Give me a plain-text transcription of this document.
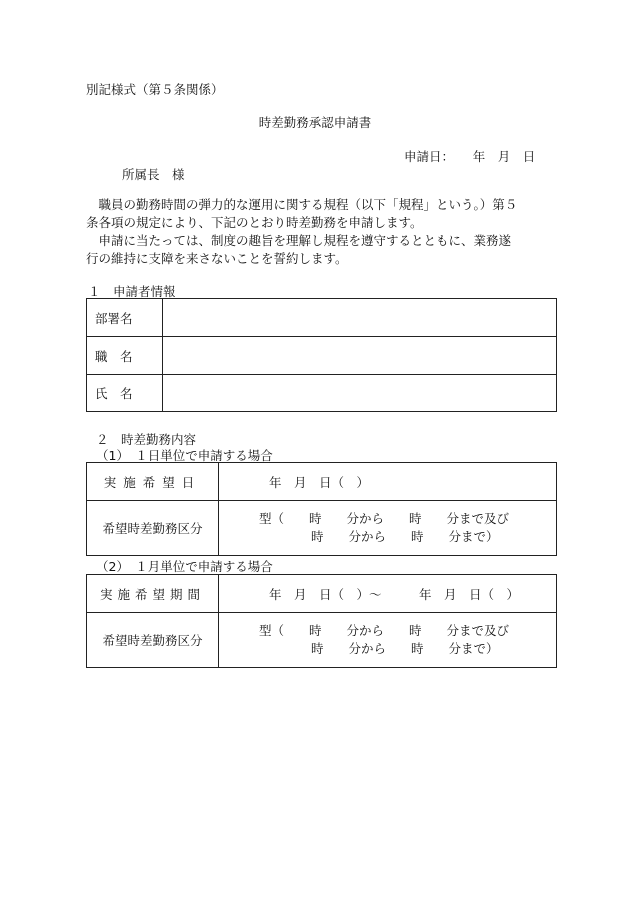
別記様式（第５条関係）
時差勤務承認申請書
申請日：　　年　月　日
所属長　様
　職員の勤務時間の弾力的な運用に関する規程（以下「規程」という。）第５
条各項の規定により、下記のとおり時差勤務を申請します。
　申請に当たっては、制度の趣旨を理解し規程を遵守するとともに、業務遂
行の維持に支障を来さないことを誓約します。
１　申請者情報
部署名	
職　名	
氏　名	
２　時差勤務内容
（1）　１日単位で申請する場合
実施希望日	年　月　日（　）
希望時差勤務区分	型（　　時　　分から　　時　　分まで及び
時　　分から　　時　　分まで）
（2）　１月単位で申請する場合
実施希望期間	年　月　日（　）～　　　年　月　日（　）
希望時差勤務区分	型（　　時　　分から　　時　　分まで及び
時　　分から　　時　　分まで）
